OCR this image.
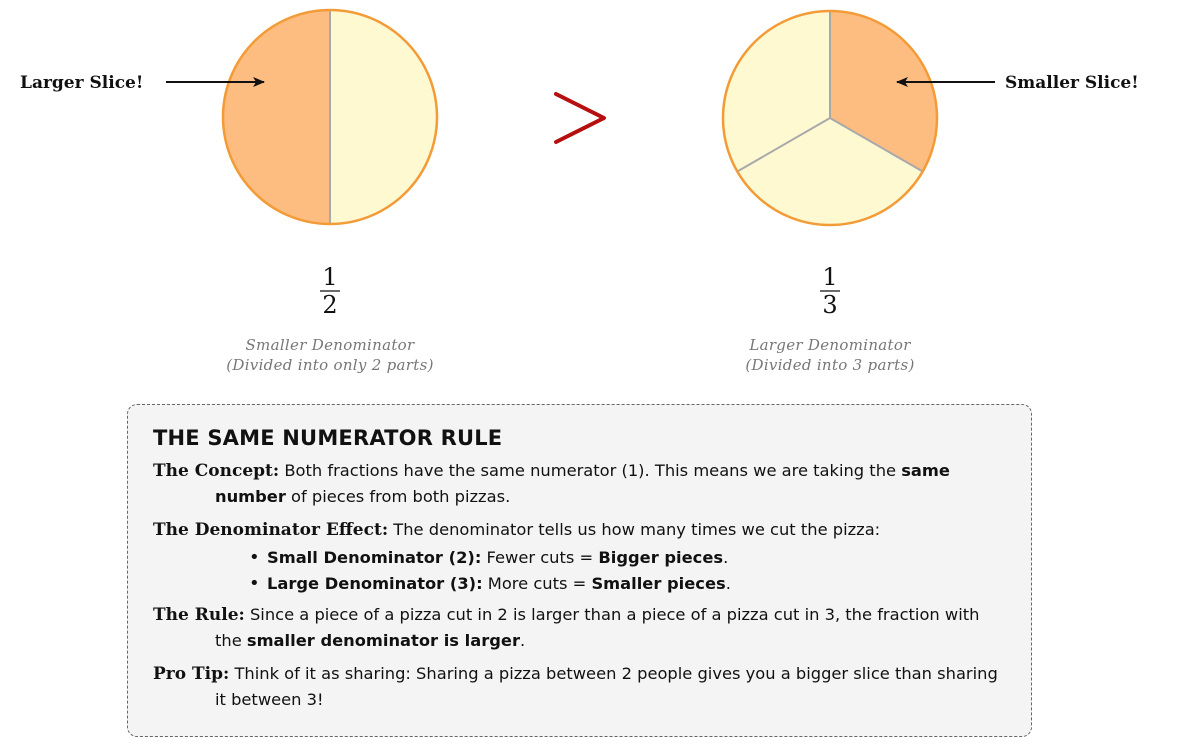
Larger Slice!	Smaller Slice!
1
2
1
3
Smaller Denominator
(Divided into only 2 parts)
Larger Denominator
(Divided into 3 parts)
THE SAME NUMERATOR RULE

The Concept: Both fractions have the same numerator (1). This means we are taking the same number of pieces from both pizzas.

The Denominator Effect: The denominator tells us how many times we cut the pizza:

• Small Denominator (2): Fewer cuts = Bigger pieces.
• Large Denominator (3): More cuts = Smaller pieces.

The Rule: Since a piece of a pizza cut in 2 is larger than a piece of a pizza cut in 3, the fraction with the smaller denominator is larger.

Pro Tip: Think of it as sharing: Sharing a pizza between 2 people gives you a bigger slice than sharing it between 3!
